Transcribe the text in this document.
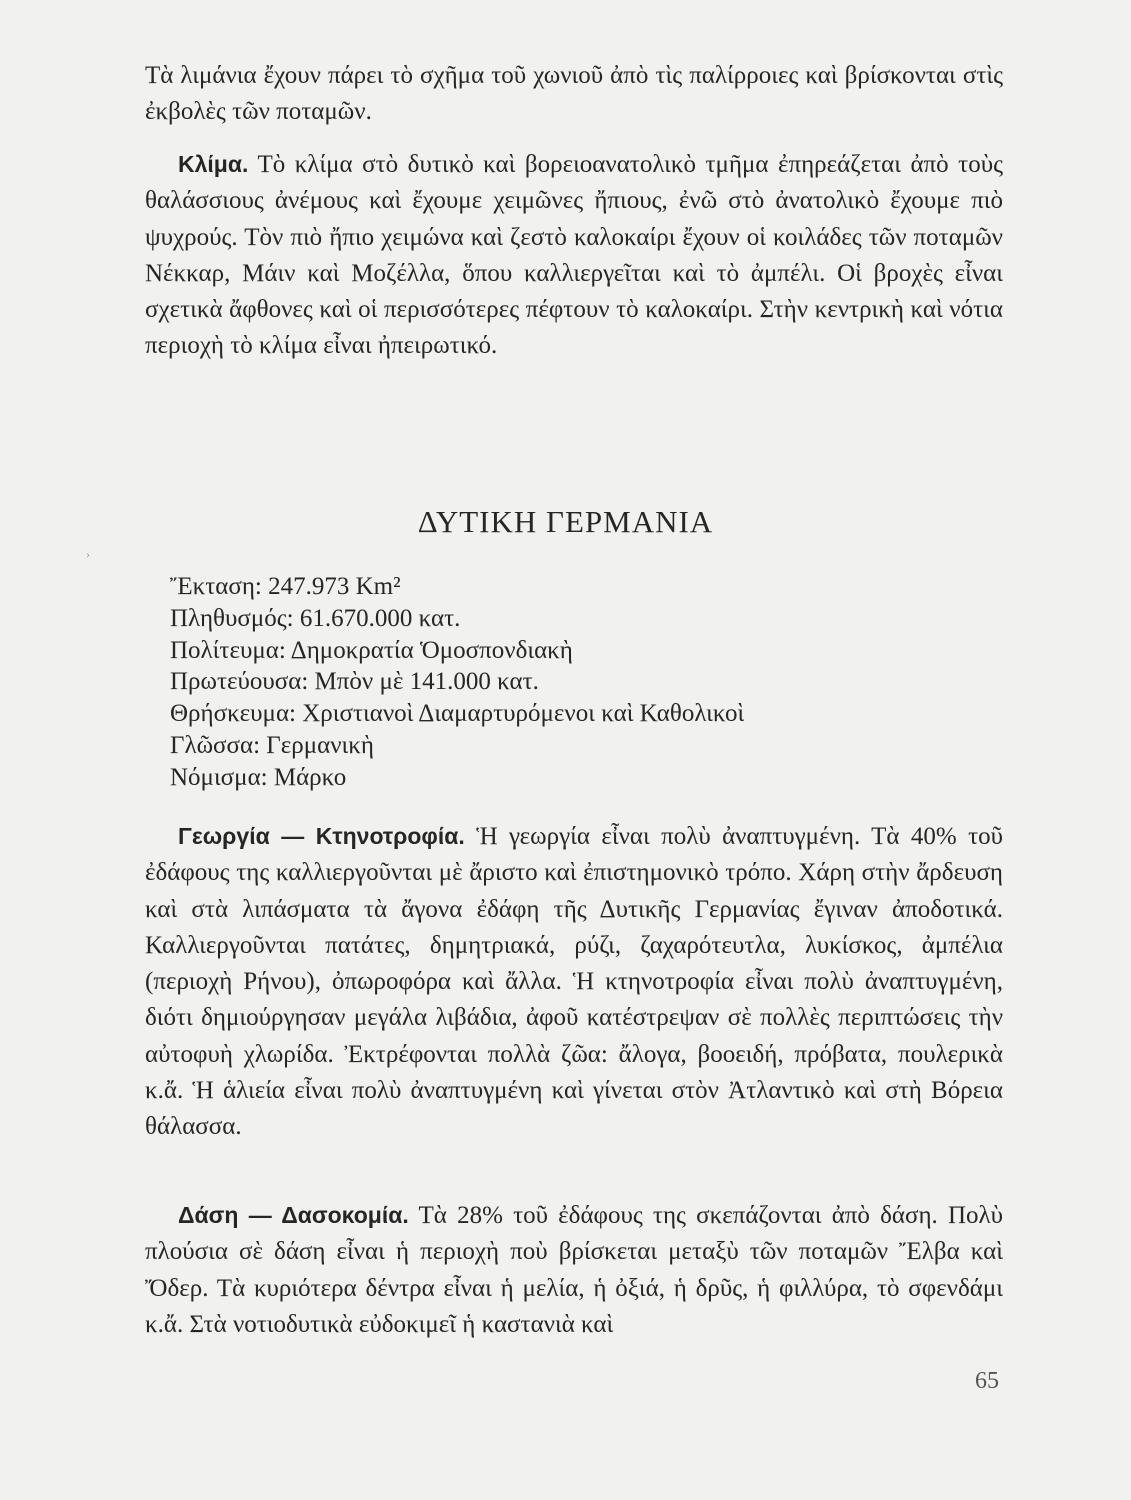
Τὰ λιμάνια ἔχουν πάρει τὸ σχῆμα τοῦ χωνιοῦ ἀπὸ τὶς παλίρροιες καὶ βρίσκονται στὶς ἐκβολὲς τῶν ποταμῶν.

Κλίμα. Τὸ κλίμα στὸ δυτικὸ καὶ βορειοανατολικὸ τμῆμα ἐπηρεάζεται ἀπὸ τοὺς θαλάσσιους ἀνέμους καὶ ἔχουμε χειμῶνες ἤπιους, ἐνῶ στὸ ἀνατολικὸ ἔχουμε πιὸ ψυχρούς. Τὸν πιὸ ἤπιο χειμώνα καὶ ζεστὸ καλοκαίρι ἔχουν οἱ κοιλάδες τῶν ποταμῶν Νέκκαρ, Μάιν καὶ Μοζέλλα, ὅπου καλλιεργεῖται καὶ τὸ ἀμπέλι. Οἱ βροχὲς εἶναι σχετικὰ ἄφθονες καὶ οἱ περισσότερες πέφτουν τὸ καλοκαίρι. Στὴν κεντρικὴ καὶ νότια περιοχὴ τὸ κλίμα εἶναι ἠπειρωτικό.

›
ΔΥΤΙΚΗ ΓΕΡΜΑΝΙΑ
Ἔκταση: 247.973 Km²
Πληθυσμός: 61.670.000 κατ.
Πολίτευμα: Δημοκρατία Ὁμοσπονδιακὴ
Πρωτεύουσα: Μπὸν μὲ 141.000 κατ.
Θρήσκευμα: Χριστιανοὶ Διαμαρτυρόμενοι καὶ Καθολικοὶ
Γλῶσσα: Γερμανικὴ
Νόμισμα: Μάρκο

Γεωργία — Κτηνοτροφία. Ἡ γεωργία εἶναι πολὺ ἀναπτυγμένη. Τὰ 40% τοῦ ἐδάφους της καλλιεργοῦνται μὲ ἄριστο καὶ ἐπιστημονικὸ τρόπο. Χάρη στὴν ἄρδευση καὶ στὰ λιπάσματα τὰ ἄγονα ἐδάφη τῆς Δυτικῆς Γερμανίας ἔγιναν ἀποδοτικά. Καλλιεργοῦνται πατάτες, δημητριακά, ρύζι, ζαχαρότευτλα, λυκίσκος, ἀμπέλια (περιοχὴ Ρήνου), ὀπωροφόρα καὶ ἄλλα. Ἡ κτηνοτροφία εἶναι πολὺ ἀναπτυγμένη, διότι δημιούργησαν μεγάλα λιβάδια, ἀφοῦ κατέστρεψαν σὲ πολλὲς περιπτώσεις τὴν αὐτοφυὴ χλωρίδα. Ἐκτρέφονται πολλὰ ζῶα: ἄλογα, βοοειδή, πρόβατα, πουλερικὰ κ.ἄ. Ἡ ἁλιεία εἶναι πολὺ ἀναπτυγμένη καὶ γίνεται στὸν Ἀτλαντικὸ καὶ στὴ Βόρεια θάλασσα.

Δάση — Δασοκομία. Τὰ 28% τοῦ ἐδάφους της σκεπάζονται ἀπὸ δάση. Πολὺ πλούσια σὲ δάση εἶναι ἡ περιοχὴ ποὺ βρίσκεται μεταξὺ τῶν ποταμῶν Ἔλβα καὶ Ὄδερ. Τὰ κυριότερα δέντρα εἶναι ἡ μελία, ἡ ὀξιά, ἡ δρῦς, ἡ φιλλύρα, τὸ σφενδάμι κ.ἄ. Στὰ νοτιοδυτικὰ εὐδοκιμεῖ ἡ καστανιὰ καὶ

65
